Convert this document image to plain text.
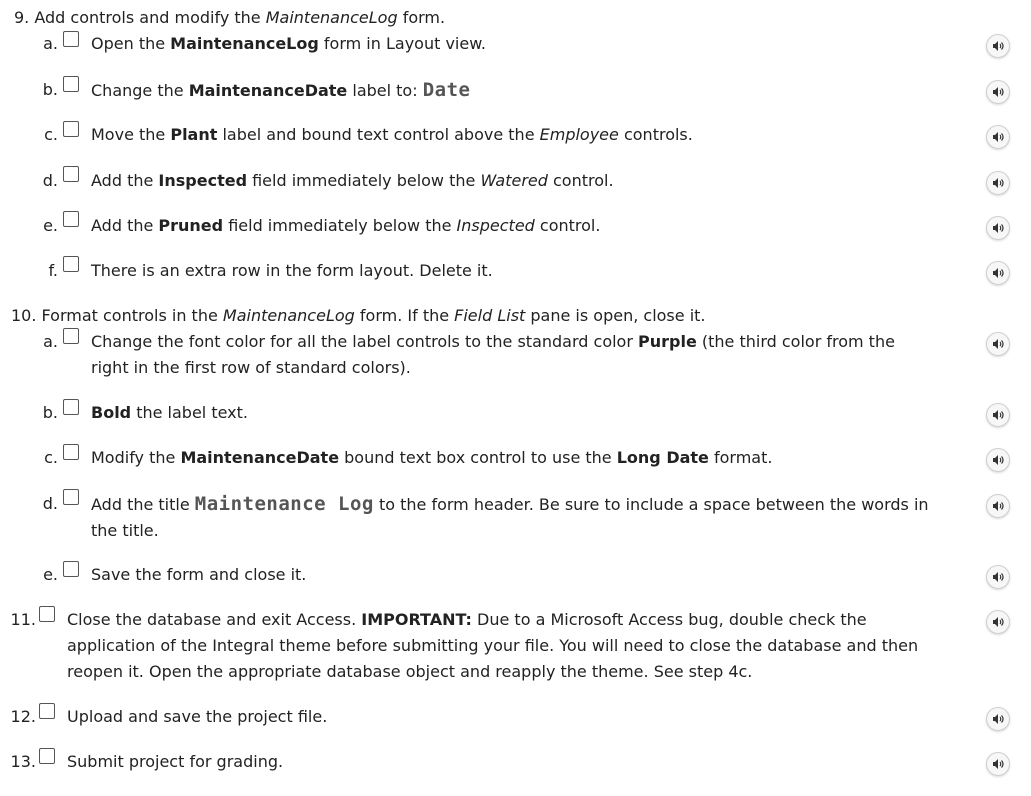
9. Add controls and modify the MaintenanceLog form.
a. Open the MaintenanceLog form in Layout view.
b. Change the MaintenanceDate label to: Date
c. Move the Plant label and bound text control above the Employee controls.
d. Add the Inspected field immediately below the Watered control.
e. Add the Pruned field immediately below the Inspected control.
f. There is an extra row in the form layout. Delete it.
10. Format controls in the MaintenanceLog form. If the Field List pane is open, close it.
a. Change the font color for all the label controls to the standard color Purple (the third color from the right in the first row of standard colors).
b. Bold the label text.
c. Modify the MaintenanceDate bound text box control to use the Long Date format.
d. Add the title Maintenance Log to the form header. Be sure to include a space between the words in the title.
e. Save the form and close it.
11. Close the database and exit Access. IMPORTANT: Due to a Microsoft Access bug, double check the application of the Integral theme before submitting your file. You will need to close the database and then reopen it. Open the appropriate database object and reapply the theme. See step 4c.
12. Upload and save the project file.
13. Submit project for grading.
